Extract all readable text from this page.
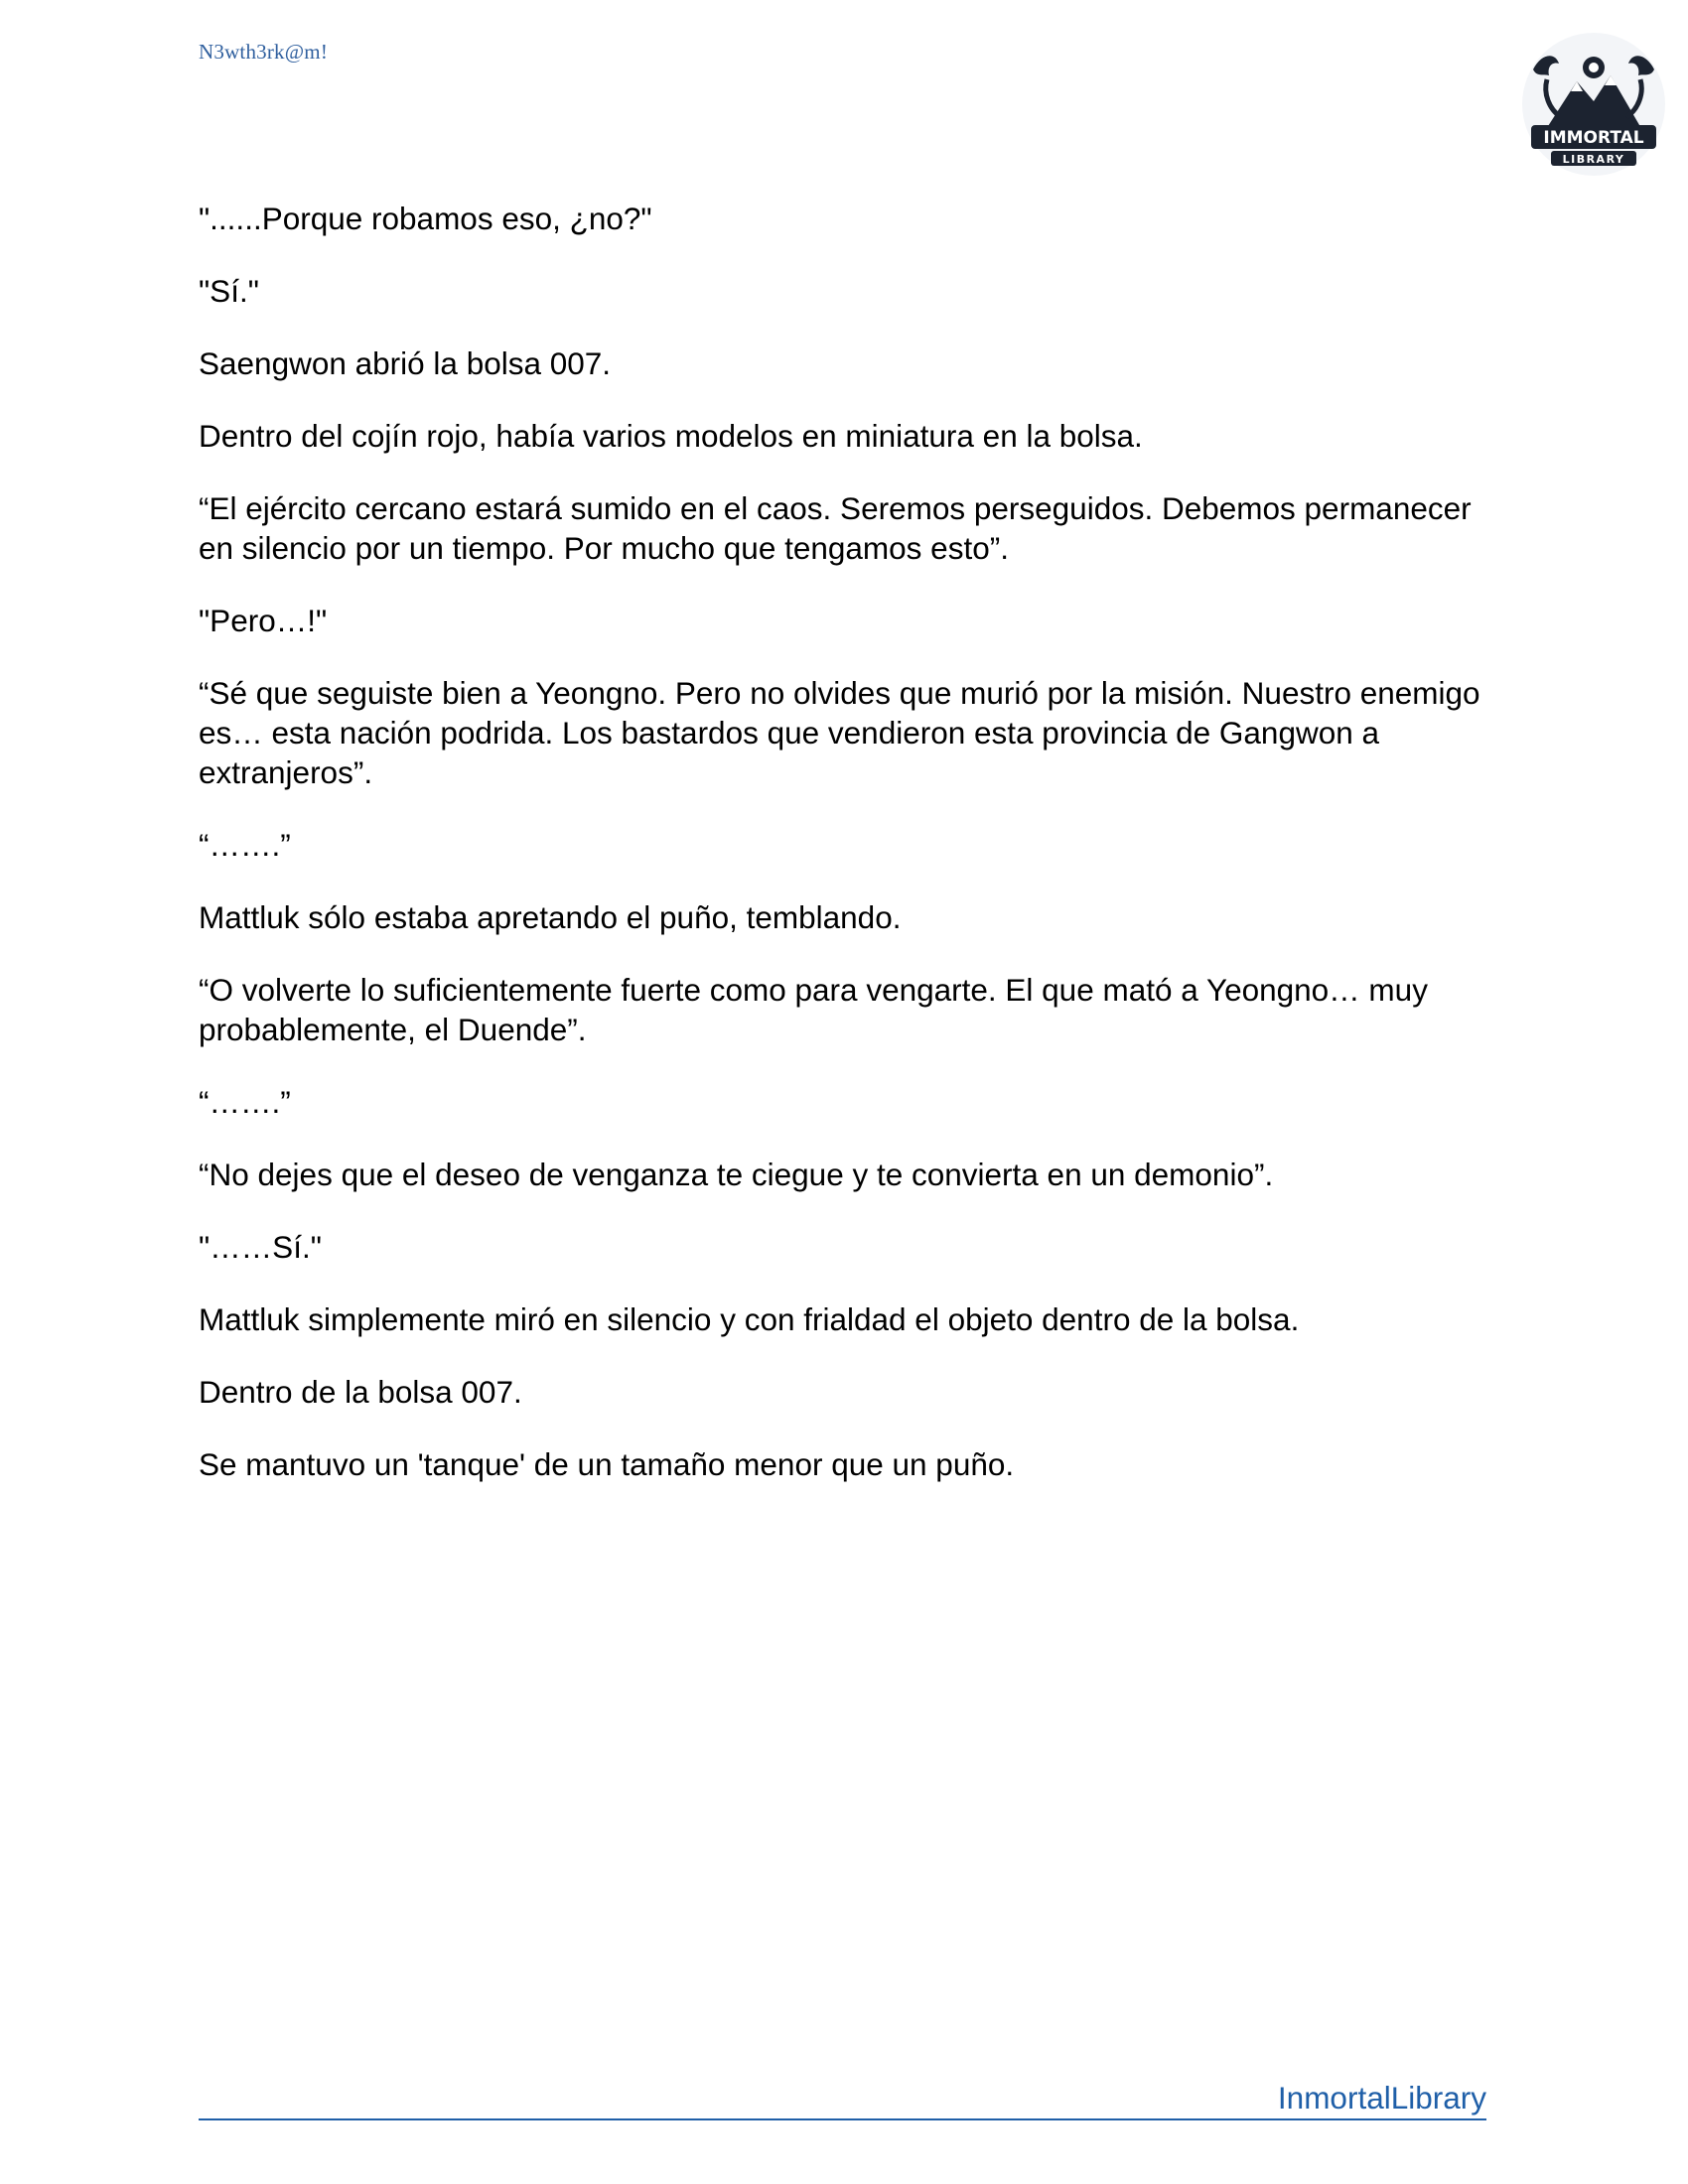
N3wth3rk@m!
IMMORTAL
LIBRARY

"......Porque robamos eso, ¿no?"

"Sí."

Saengwon abrió la bolsa 007.

Dentro del cojín rojo, había varios modelos en miniatura en la bolsa.

“El ejército cercano estará sumido en el caos. Seremos perseguidos. Debemos permanecer en silencio por un tiempo. Por mucho que tengamos esto”.

"Pero…!"

“Sé que seguiste bien a Yeongno. Pero no olvides que murió por la misión. Nuestro enemigo es… esta nación podrida. Los bastardos que vendieron esta provincia de Gangwon a extranjeros”.

“…….”

Mattluk sólo estaba apretando el puño, temblando.

“O volverte lo suficientemente fuerte como para vengarte. El que mató a Yeongno… muy probablemente, el Duende”.

“…….”

“No dejes que el deseo de venganza te ciegue y te convierta en un demonio”.

"……Sí."

Mattluk simplemente miró en silencio y con frialdad el objeto dentro de la bolsa.

Dentro de la bolsa 007.

Se mantuvo un 'tanque' de un tamaño menor que un puño.

InmortalLibrary
